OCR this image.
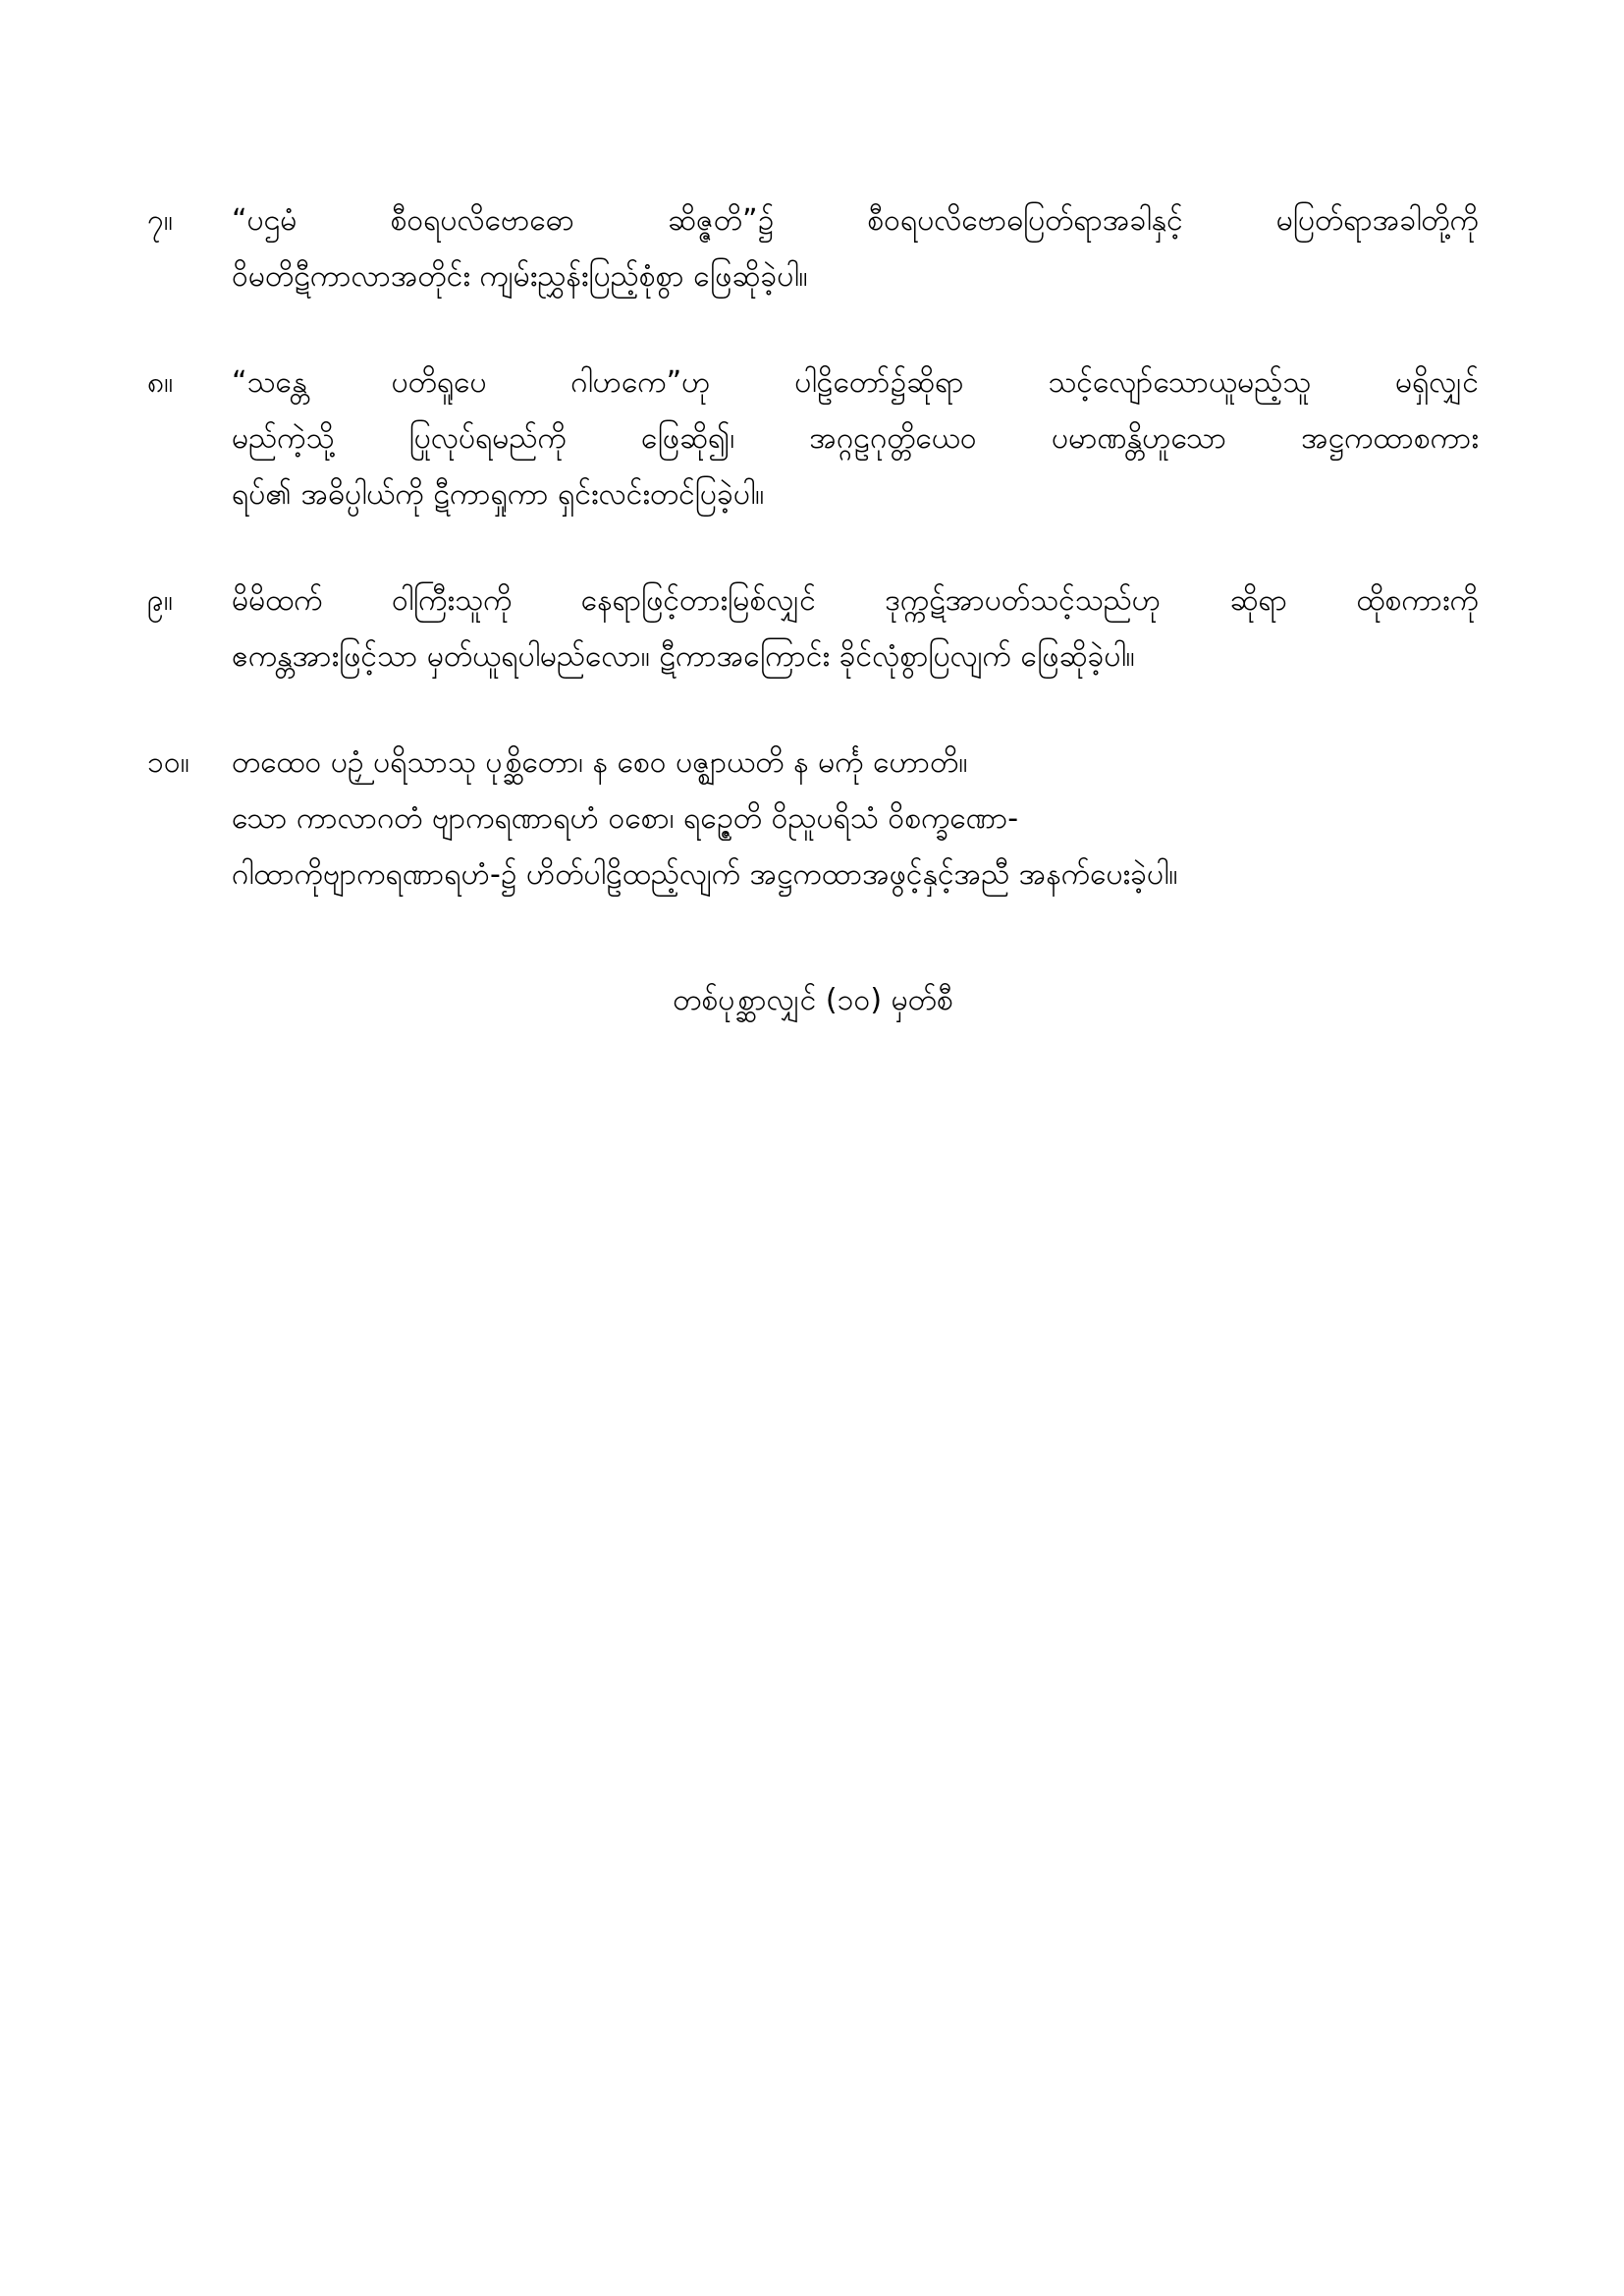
၇။	“ပဌမံ စီဝရပလိဗောဓော ဆိဇ္ဇတိ”၌ စီဝရပလိဗောဓပြတ်ရာအခါနှင့် မပြတ်ရာအခါတို့ကို
ဝိမတိဋီကာလာအတိုင်း ကျမ်းညွှန်းပြည့်စုံစွာ ဖြေဆိုခဲ့ပါ။
၈။	“သန္တေ ပတိရူပေ ဂါဟကေ”ဟု ပါဠိတော်၌ဆိုရာ သင့်လျော်သောယူမည့်သူ မရှိလျှင်
မည်ကဲ့သို့ ပြုလုပ်ရမည်ကို ဖြေဆို၍၊ အဂ္ဂဠဂုတ္တိယေဝ ပမာဏန္တိဟူသော အဋ္ဌကထာစကား
ရပ်၏ အဓိပ္ပါယ်ကို ဋီကာရှုကာ ရှင်းလင်းတင်ပြခဲ့ပါ။
၉။	မိမိထက် ဝါကြီးသူကို နေရာဖြင့်တားမြစ်လျှင် ဒုက္ကဋ်အာပတ်သင့်သည်ဟု ဆိုရာ ထိုစကားကို
ဧကန္တအားဖြင့်သာ မှတ်ယူရပါမည်လော။ ဋီကာအကြောင်း ခိုင်လုံစွာပြလျက် ဖြေဆိုခဲ့ပါ။
၁၀။	တထေဝ ပဉှံ ပရိသာသု ပုစ္ဆိတော၊ န စေဝ ပဇ္ဈာယတိ န မင်္ကု ဟောတိ။
သော ကာလာဂတံ ဗျာကရဏာရဟံ ဝစော၊ ရဉ္ဇေတိ ဝိညူပရိသံ ဝိစက္ခဏော-
ဂါထာကိုဗျာကရဏာရဟံ-၌ ဟိတ်ပါဠိထည့်လျက် အဋ္ဌကထာအဖွင့်နှင့်အညီ အနက်ပေးခဲ့ပါ။
တစ်ပုစ္ဆာလျှင် (၁၀) မှတ်စီ
